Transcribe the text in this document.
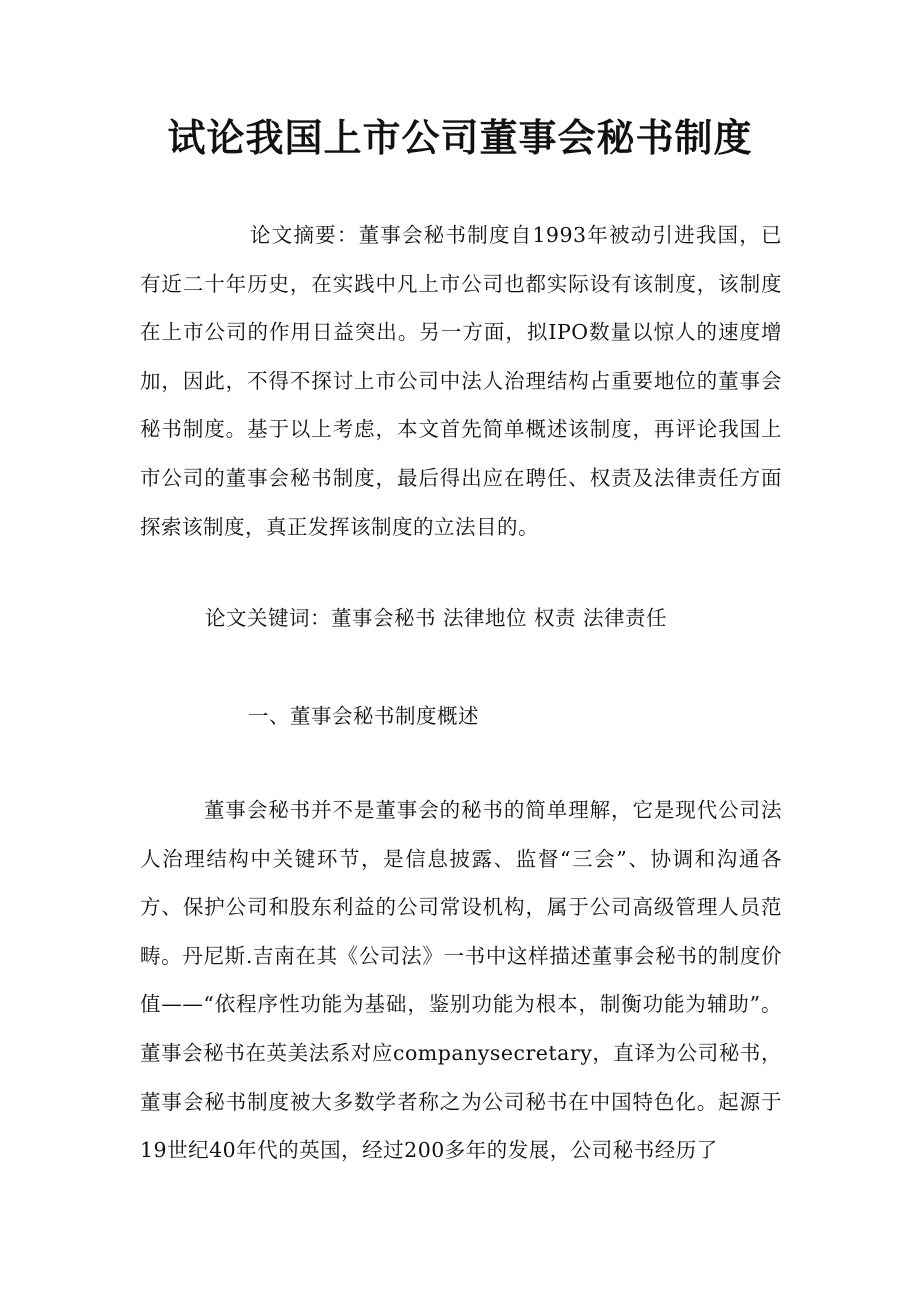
试论我国上市公司董事会秘书制度

论文摘要：董事会秘书制度自1993年被动引进我国，已有近二十年历史，在实践中凡上市公司也都实际设有该制度，该制度在上市公司的作用日益突出。另一方面，拟IPO数量以惊人的速度增加，因此，不得不探讨上市公司中法人治理结构占重要地位的董事会秘书制度。基于以上考虑，本文首先简单概述该制度，再评论我国上市公司的董事会秘书制度，最后得出应在聘任、权责及法律责任方面探索该制度，真正发挥该制度的立法目的。

论文关键词：董事会秘书 法律地位 权责 法律责任

一、董事会秘书制度概述

董事会秘书并不是董事会的秘书的简单理解，它是现代公司法人治理结构中关键环节，是信息披露、监督“三会”、协调和沟通各方、保护公司和股东利益的公司常设机构，属于公司高级管理人员范畴。丹尼斯.吉南在其《公司法》一书中这样描述董事会秘书的制度价值——“依程序性功能为基础，鉴别功能为根本，制衡功能为辅助”。董事会秘书在英美法系对应companysecretary，直译为公司秘书，董事会秘书制度被大多数学者称之为公司秘书在中国特色化。起源于19世纪40年代的英国，经过200多年的发展，公司秘书经历了
